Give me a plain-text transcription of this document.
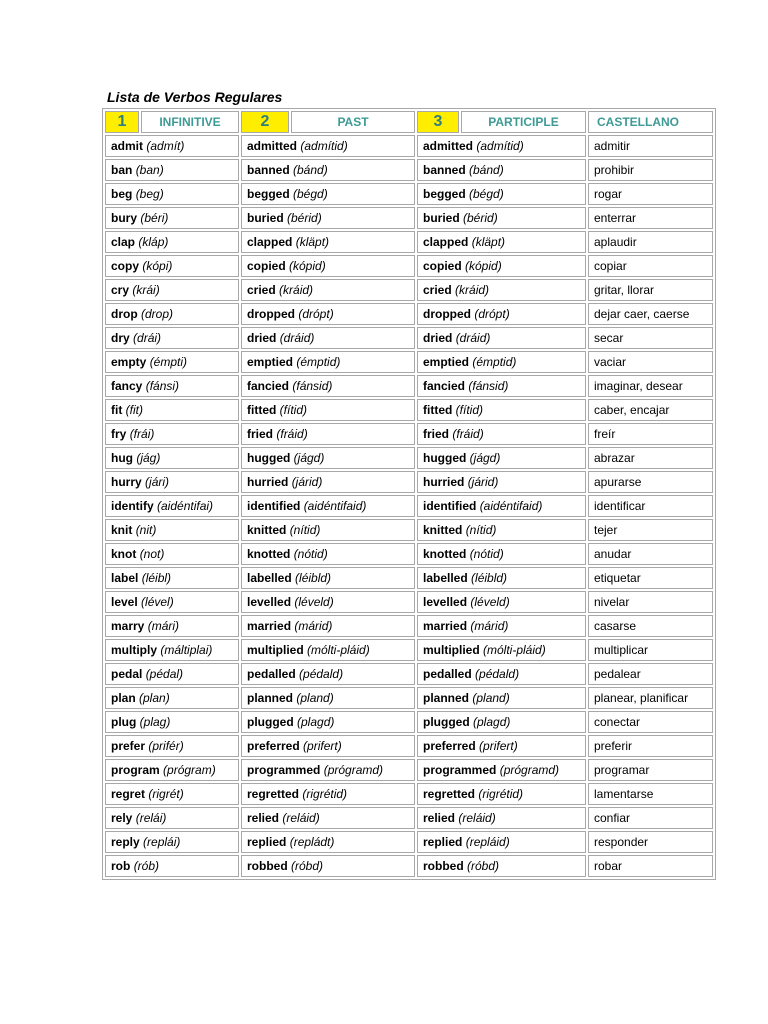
Lista de Verbos Regulares
1	INFINITIVE	2	PAST	3	PARTICIPLE	CASTELLANO
admit (admít)		admitted (admítid)		admitted (admítid)		admitir
ban (ban)		banned (bánd)		banned (bánd)		prohibir
beg (beg)		begged (bégd)		begged (bégd)		rogar
bury (béri)		buried (bérid)		buried (bérid)		enterrar
clap (kláp)		clapped (kläpt)		clapped (kläpt)		aplaudir
copy (kópi)		copied (kópid)		copied (kópid)		copiar
cry (krái)		cried (kráid)		cried (kráid)		gritar, llorar
drop (drop)		dropped (drópt)		dropped (drópt)		dejar caer, caerse
dry (drái)		dried (dráid)		dried (dráid)		secar
empty (émpti)		emptied (émptid)		emptied (émptid)		vaciar
fancy (fánsi)		fancied (fánsid)		fancied (fánsid)		imaginar, desear
fit (fit)		fitted (fítid)		fitted (fítid)		caber, encajar
fry (frái)		fried (fráid)		fried (fráid)		freír
hug (jág)		hugged (jágd)		hugged (jágd)		abrazar
hurry (jári)		hurried (járid)		hurried (járid)		apurarse
identify (aidéntifai)		identified (aidéntifaid)		identified (aidéntifaid)		identificar
knit (nit)		knitted (nítid)		knitted (nítid)		tejer
knot (not)		knotted (nótid)		knotted (nótid)		anudar
label (léibl)		labelled (léibld)		labelled (léibld)		etiquetar
level (lével)		levelled (léveld)		levelled (léveld)		nivelar
marry (mári)		married (márid)		married (márid)		casarse
multiply (máltiplai)		multiplied (mólti-pláid)		multiplied (mólti-pláid)		multiplicar
pedal (pédal)		pedalled (pédald)		pedalled (pédald)		pedalear
plan (plan)		planned (pland)		planned (pland)		planear, planificar
plug (plag)		plugged (plagd)		plugged (plagd)		conectar
prefer (prifér)		preferred (prifert)		preferred (prifert)		preferir
program (prógram)		programmed (prógramd)		programmed (prógramd)		programar
regret (rigrét)		regretted (rigrétid)		regretted (rigrétid)		lamentarse
rely (relái)		relied (reláid)		relied (reláid)		confiar
reply (replái)		replied (repládt)		replied (repláid)		responder
rob (rób)		robbed (róbd)		robbed (róbd)		robar
